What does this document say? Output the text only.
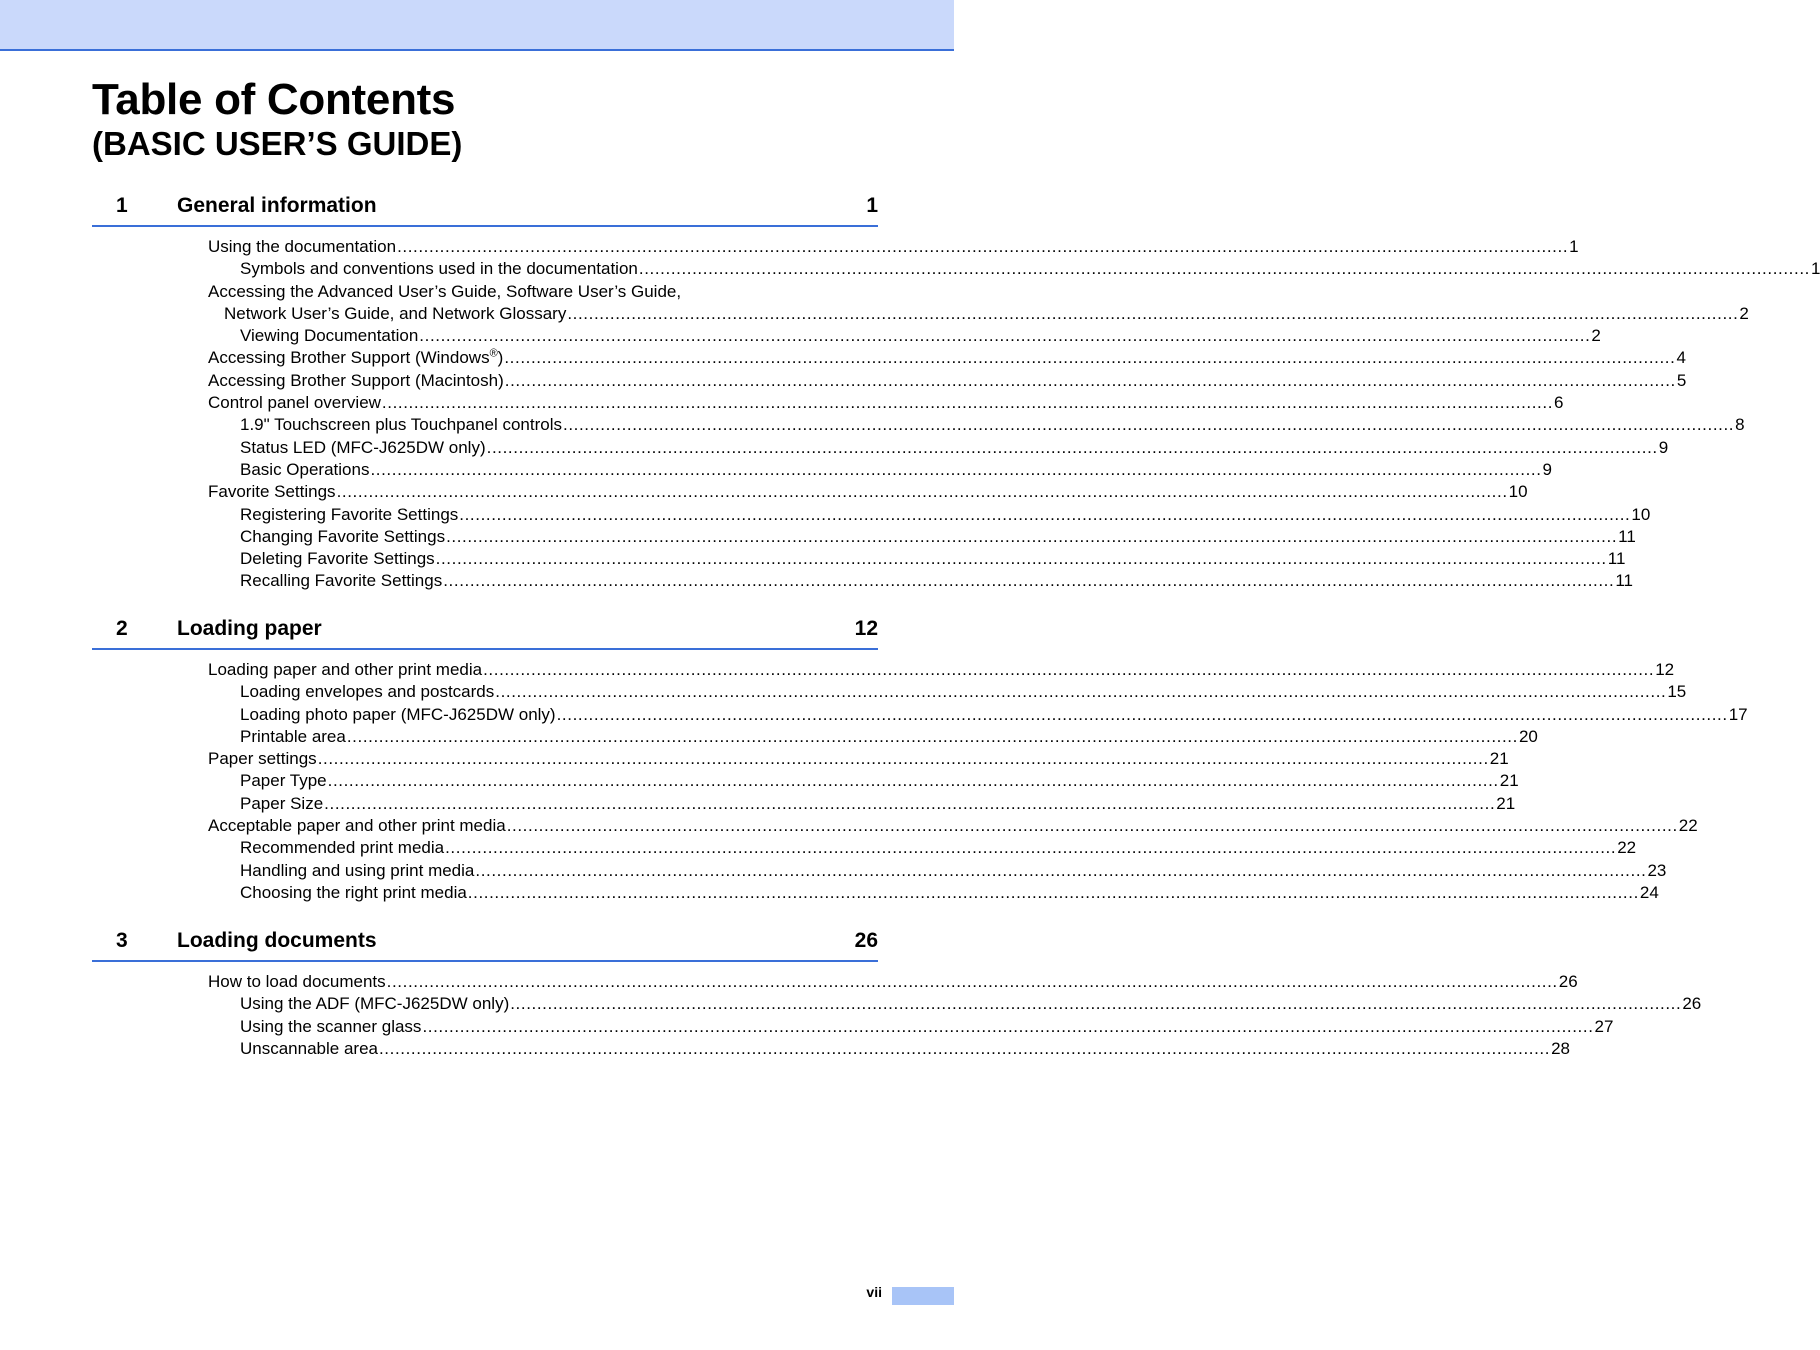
Table of Contents
(BASIC USER’S GUIDE)
1 General information	1
Using the documentation ............................................................................................................................................................................................................................ 1
Symbols and conventions used in the documentation ............................................................................................................................................................................................................................ 1
Accessing the Advanced User’s Guide, Software User’s Guide,
Network User’s Guide, and Network Glossary ............................................................................................................................................................................................................................ 2
Viewing Documentation ............................................................................................................................................................................................................................ 2
Accessing Brother Support (Windows®) ............................................................................................................................................................................................................................ 4
Accessing Brother Support (Macintosh) ............................................................................................................................................................................................................................ 5
Control panel overview ............................................................................................................................................................................................................................ 6
1.9" Touchscreen plus Touchpanel controls ............................................................................................................................................................................................................................ 8
Status LED (MFC-J625DW only) ............................................................................................................................................................................................................................ 9
Basic Operations ............................................................................................................................................................................................................................ 9
Favorite Settings ............................................................................................................................................................................................................................ 10
Registering Favorite Settings ............................................................................................................................................................................................................................ 10
Changing Favorite Settings ............................................................................................................................................................................................................................ 11
Deleting Favorite Settings ............................................................................................................................................................................................................................ 11
Recalling Favorite Settings ............................................................................................................................................................................................................................ 11
2 Loading paper	12
Loading paper and other print media ............................................................................................................................................................................................................................ 12
Loading envelopes and postcards ............................................................................................................................................................................................................................ 15
Loading photo paper (MFC-J625DW only) ............................................................................................................................................................................................................................ 17
Printable area ............................................................................................................................................................................................................................ 20
Paper settings ............................................................................................................................................................................................................................ 21
Paper Type ............................................................................................................................................................................................................................ 21
Paper Size ............................................................................................................................................................................................................................ 21
Acceptable paper and other print media ............................................................................................................................................................................................................................ 22
Recommended print media ............................................................................................................................................................................................................................ 22
Handling and using print media ............................................................................................................................................................................................................................ 23
Choosing the right print media ............................................................................................................................................................................................................................ 24
3 Loading documents	26
How to load documents ............................................................................................................................................................................................................................ 26
Using the ADF (MFC-J625DW only) ............................................................................................................................................................................................................................ 26
Using the scanner glass ............................................................................................................................................................................................................................ 27
Unscannable area ............................................................................................................................................................................................................................ 28
vii
